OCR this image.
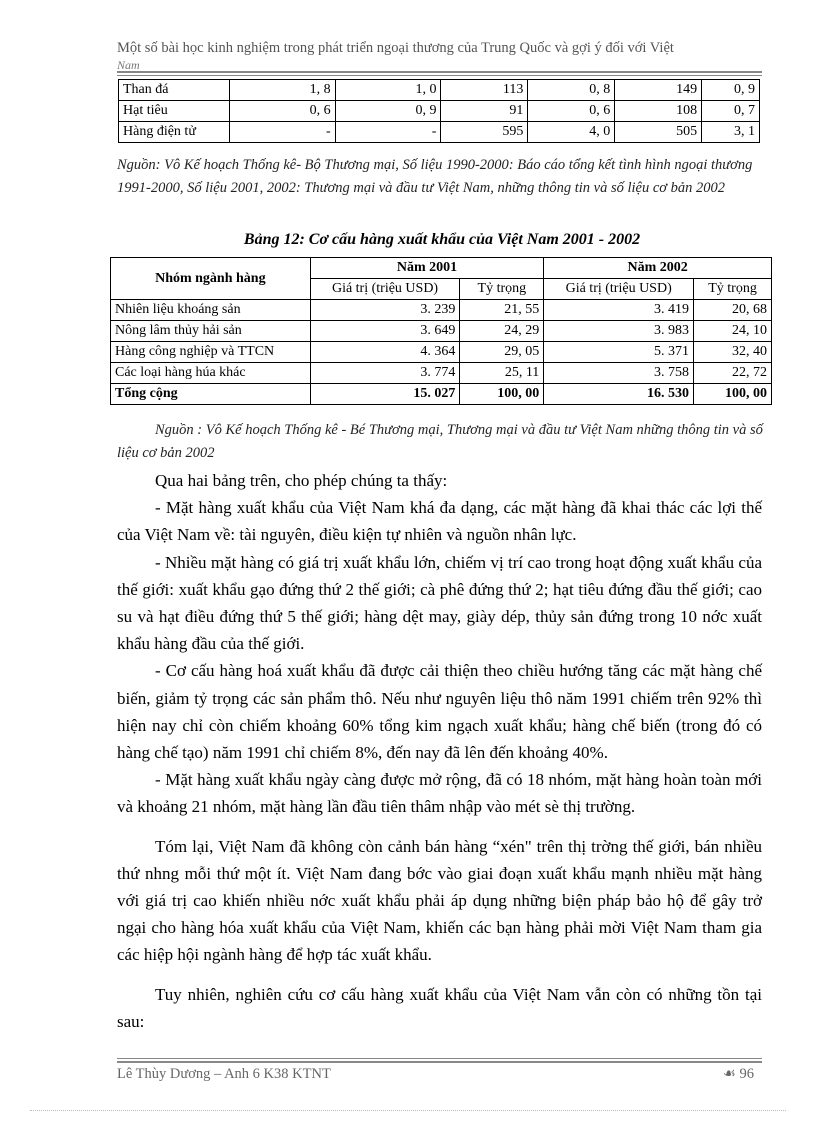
Một số bài học kinh nghiệm trong phát triển ngoại thương của Trung Quốc và gợi ý đối với Việt
Nam
Than đá	1, 8	1, 0	113	0, 8	149	0, 9
Hạt tiêu	0, 6	0, 9	91	0, 6	108	0, 7
Hàng điện tử	-	-	595	4, 0	505	3, 1
Nguồn: Vô Kế hoạch Thống kê- Bộ Thương mại, Số liệu 1990-2000: Báo cáo tổng kết tình hình ngoại thương 1991-2000, Số liệu 2001, 2002: Thương mại và đầu tư Việt Nam, những thông tin và số liệu cơ bản 2002
Bảng 12: Cơ cấu hàng xuất khẩu của Việt Nam 2001 - 2002
Nhóm ngành hàng	Năm 2001		Năm 2002	
	Giá trị (triệu USD)	Tỷ trọng	Giá trị (triệu USD)	Tỷ trọng
Nhiên liệu khoáng sản	3. 239	21, 55	3. 419	20, 68
Nông lâm thủy hải sản	3. 649	24, 29	3. 983	24, 10
Hàng công nghiệp và TTCN	4. 364	29, 05	5. 371	32, 40
Các loại hàng húa khác	3. 774	25, 11	3. 758	22, 72
Tổng cộng	15. 027	100, 00	16. 530	100, 00
Nguồn : Vô Kế hoạch Thống kê - Bé Thương mại, Thương mại và đầu tư Việt Nam những thông tin và số liệu cơ bản 2002

Qua hai bảng trên, cho phép chúng ta thấy:

- Mặt hàng xuất khẩu của Việt Nam khá đa dạng, các mặt hàng đã khai thác các lợi thế của Việt Nam về: tài nguyên, điều kiện tự nhiên và nguồn nhân lực.

- Nhiều mặt hàng có giá trị xuất khẩu lớn, chiếm vị trí cao trong hoạt động xuất khẩu của thế giới: xuất khẩu gạo đứng thứ 2 thế giới; cà phê đứng thứ 2; hạt tiêu đứng đầu thế giới; cao su và hạt điều đứng thứ 5 thế giới; hàng dệt may, giày dép, thủy sản đứng trong 10 nớc xuất khẩu hàng đầu của thế giới.

- Cơ cấu hàng hoá xuất khẩu đã được cải thiện theo chiều hướng tăng các mặt hàng chế biến, giảm tỷ trọng các sản phẩm thô. Nếu như nguyên liệu thô năm 1991 chiếm trên 92% thì hiện nay chỉ còn chiếm khoảng 60% tổng kim ngạch xuất khẩu; hàng chế biến (trong đó có hàng chế tạo) năm 1991 chỉ chiếm 8%, đến nay đã lên đến khoảng 40%.

- Mặt hàng xuất khẩu ngày càng được mở rộng, đã có 18 nhóm, mặt hàng hoàn toàn mới và khoảng 21 nhóm, mặt hàng lần đầu tiên thâm nhập vào mét sè thị trường.

Tóm lại, Việt Nam đã không còn cảnh bán hàng “xén" trên thị trờng thế giới, bán nhiều thứ nhng mỗi thứ một ít. Việt Nam đang bớc vào giai đoạn xuất khẩu mạnh nhiều mặt hàng với giá trị cao khiến nhiều nớc xuất khẩu phải áp dụng những biện pháp bảo hộ để gây trở ngại cho hàng hóa xuất khẩu của Việt Nam, khiến các bạn hàng phải mời Việt Nam tham gia các hiệp hội ngành hàng để hợp tác xuất khẩu.

Tuy nhiên, nghiên cứu cơ cấu hàng xuất khẩu của Việt Nam vẫn còn có những tồn tại sau:

Lê Thùy Dương – Anh 6 K38 KTNT	☙ 96
